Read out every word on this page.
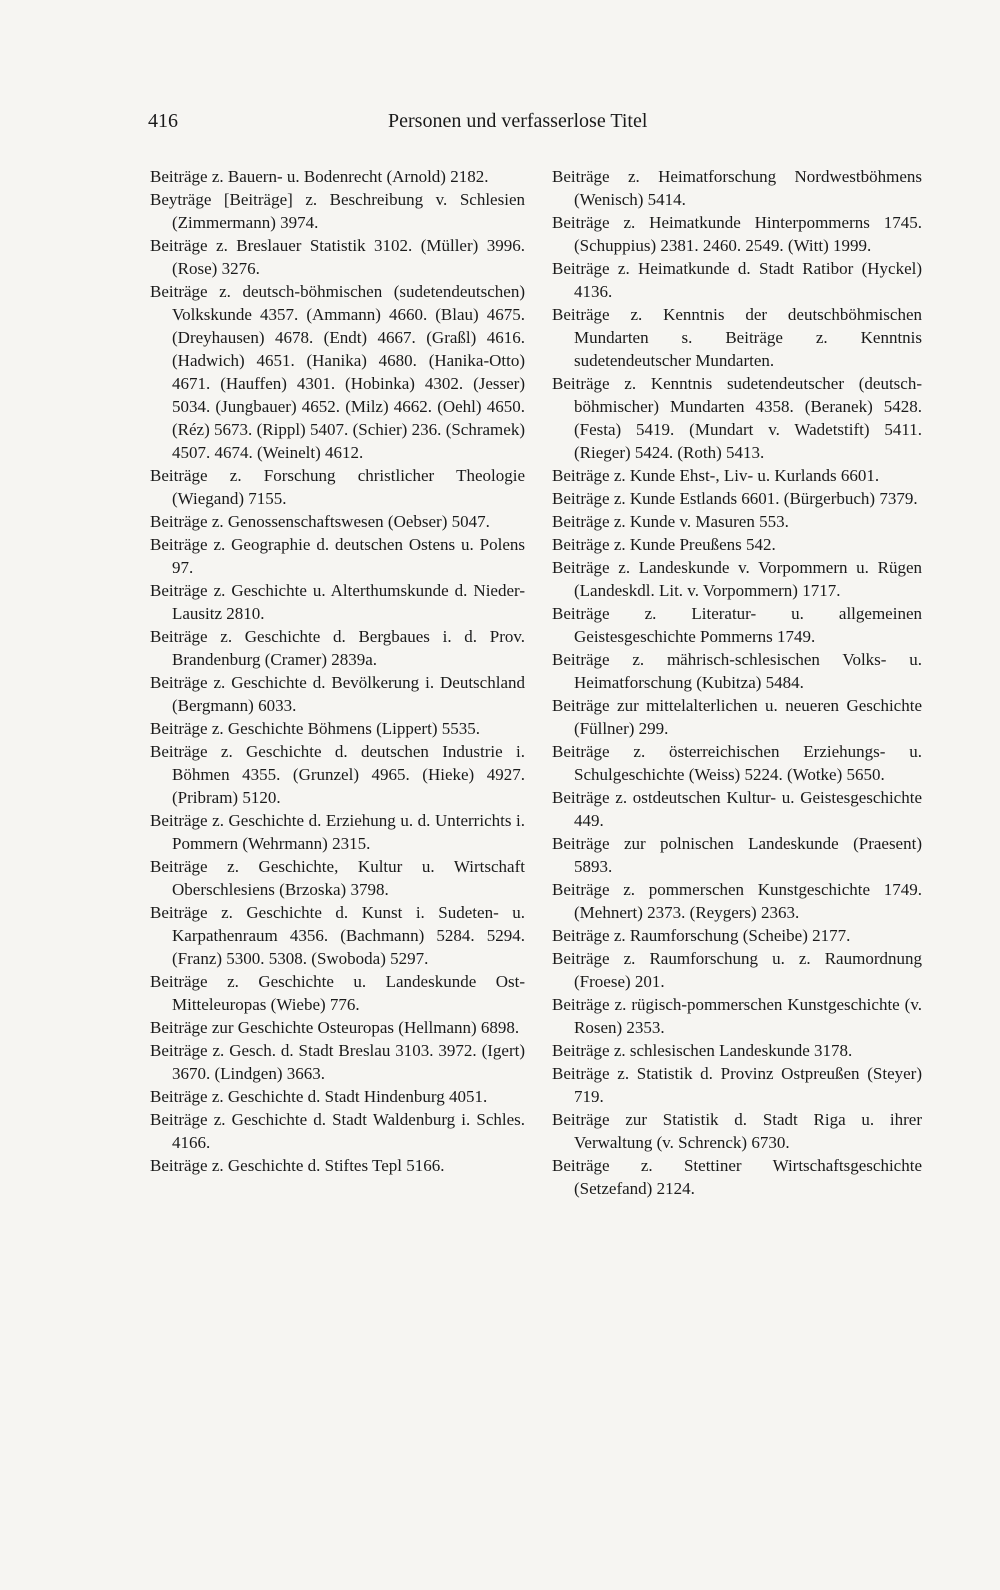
416	Personen und verfasserlose Titel

Beiträge z. Bauern- u. Bodenrecht (Arnold) 2182.

Beyträge [Beiträge] z. Beschreibung v. Schlesien (Zimmermann) 3974.

Beiträge z. Breslauer Statistik 3102. (Müller) 3996. (Rose) 3276.

Beiträge z. deutsch-böhmischen (sudetendeutschen) Volkskunde 4357. (Ammann) 4660. (Blau) 4675. (Dreyhausen) 4678. (Endt) 4667. (Graßl) 4616. (Hadwich) 4651. (Hanika) 4680. (Hanika-Otto) 4671. (Hauffen) 4301. (Hobinka) 4302. (Jesser) 5034. (Jungbauer) 4652. (Milz) 4662. (Oehl) 4650. (Réz) 5673. (Rippl) 5407. (Schier) 236. (Schramek) 4507. 4674. (Weinelt) 4612.

Beiträge z. Forschung christlicher Theologie (Wiegand) 7155.

Beiträge z. Genossenschaftswesen (Oebser) 5047.

Beiträge z. Geographie d. deutschen Ostens u. Polens 97.

Beiträge z. Geschichte u. Alterthumskunde d. Nieder-Lausitz 2810.

Beiträge z. Geschichte d. Bergbaues i. d. Prov. Brandenburg (Cramer) 2839a.

Beiträge z. Geschichte d. Bevölkerung i. Deutschland (Bergmann) 6033.

Beiträge z. Geschichte Böhmens (Lippert) 5535.

Beiträge z. Geschichte d. deutschen Industrie i. Böhmen 4355. (Grunzel) 4965. (Hieke) 4927. (Pribram) 5120.

Beiträge z. Geschichte d. Erziehung u. d. Unterrichts i. Pommern (Wehrmann) 2315.

Beiträge z. Geschichte, Kultur u. Wirtschaft Oberschlesiens (Brzoska) 3798.

Beiträge z. Geschichte d. Kunst i. Sudeten- u. Karpathenraum 4356. (Bachmann) 5284. 5294. (Franz) 5300. 5308. (Swoboda) 5297.

Beiträge z. Geschichte u. Landeskunde Ost- Mitteleuropas (Wiebe) 776.

Beiträge zur Geschichte Osteuropas (Hellmann) 6898.

Beiträge z. Gesch. d. Stadt Breslau 3103. 3972. (Igert) 3670. (Lindgen) 3663.

Beiträge z. Geschichte d. Stadt Hindenburg 4051.

Beiträge z. Geschichte d. Stadt Waldenburg i. Schles. 4166.

Beiträge z. Geschichte d. Stiftes Tepl 5166.

Beiträge z. Heimatforschung Nordwestböhmens (Wenisch) 5414.

Beiträge z. Heimatkunde Hinterpommerns 1745. (Schuppius) 2381. 2460. 2549. (Witt) 1999.

Beiträge z. Heimatkunde d. Stadt Ratibor (Hyckel) 4136.

Beiträge z. Kenntnis der deutschböhmischen Mundarten s. Beiträge z. Kenntnis sudetendeutscher Mundarten.

Beiträge z. Kenntnis sudetendeutscher (deutsch-böhmischer) Mundarten 4358. (Beranek) 5428. (Festa) 5419. (Mundart v. Wadetstift) 5411. (Rieger) 5424. (Roth) 5413.

Beiträge z. Kunde Ehst-, Liv- u. Kurlands 6601.

Beiträge z. Kunde Estlands 6601. (Bürgerbuch) 7379.

Beiträge z. Kunde v. Masuren 553.

Beiträge z. Kunde Preußens 542.

Beiträge z. Landeskunde v. Vorpommern u. Rügen (Landeskdl. Lit. v. Vorpommern) 1717.

Beiträge z. Literatur- u. allgemeinen Geistesgeschichte Pommerns 1749.

Beiträge z. mährisch-schlesischen Volks- u. Heimatforschung (Kubitza) 5484.

Beiträge zur mittelalterlichen u. neueren Geschichte (Füllner) 299.

Beiträge z. österreichischen Erziehungs- u. Schulgeschichte (Weiss) 5224. (Wotke) 5650.

Beiträge z. ostdeutschen Kultur- u. Geistesgeschichte 449.

Beiträge zur polnischen Landeskunde (Praesent) 5893.

Beiträge z. pommerschen Kunstgeschichte 1749. (Mehnert) 2373. (Reygers) 2363.

Beiträge z. Raumforschung (Scheibe) 2177.

Beiträge z. Raumforschung u. z. Raumordnung (Froese) 201.

Beiträge z. rügisch-pommerschen Kunstgeschichte (v. Rosen) 2353.

Beiträge z. schlesischen Landeskunde 3178.

Beiträge z. Statistik d. Provinz Ostpreußen (Steyer) 719.

Beiträge zur Statistik d. Stadt Riga u. ihrer Verwaltung (v. Schrenck) 6730.

Beiträge z. Stettiner Wirtschaftsgeschichte (Setzefand) 2124.
